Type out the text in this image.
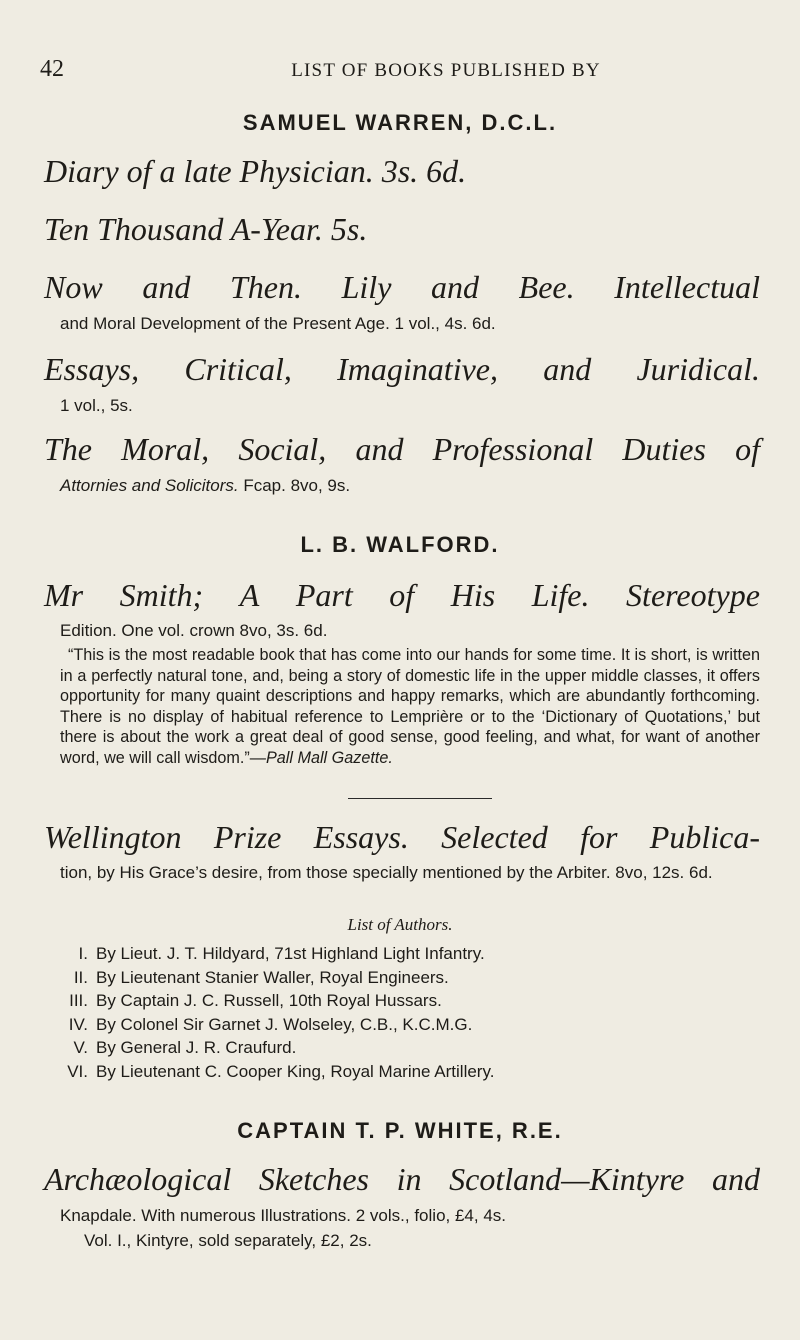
42	LIST OF BOOKS PUBLISHED BY
SAMUEL WARREN, D.C.L.
Diary of a late Physician. 3s. 6d.
Ten Thousand A-Year. 5s.
Now and Then. Lily and Bee. Intellectual
and Moral Development of the Present Age. 1 vol., 4s. 6d.
Essays, Critical, Imaginative, and Juridical.
1 vol., 5s.
The Moral, Social, and Professional Duties of
Attornies and Solicitors. Fcap. 8vo, 9s.
L. B. WALFORD.
Mr Smith; A Part of His Life. Stereotype
Edition. One vol. crown 8vo, 3s. 6d.
“This is the most readable book that has come into our hands for some time. It is short, is written in a perfectly natural tone, and, being a story of domestic life in the upper middle classes, it offers opportunity for many quaint descriptions and happy remarks, which are abundantly forthcoming. There is no display of habitual reference to Lemprière or to the ‘Dictionary of Quotations,’ but there is about the work a great deal of good sense, good feeling, and what, for want of another word, we will call wisdom.”—Pall Mall Gazette.
Wellington Prize Essays. Selected for Publica-
tion, by His Grace’s desire, from those specially mentioned by the Arbiter. 8vo, 12s. 6d.
List of Authors.
I. By Lieut. J. T. Hildyard, 71st Highland Light Infantry.
II. By Lieutenant Stanier Waller, Royal Engineers.
III. By Captain J. C. Russell, 10th Royal Hussars.
IV. By Colonel Sir Garnet J. Wolseley, C.B., K.C.M.G.
V. By General J. R. Craufurd.
VI. By Lieutenant C. Cooper King, Royal Marine Artillery.
CAPTAIN T. P. WHITE, R.E.
Archæological Sketches in Scotland—Kintyre and
Knapdale. With numerous Illustrations. 2 vols., folio, £4, 4s.
Vol. I., Kintyre, sold separately, £2, 2s.
